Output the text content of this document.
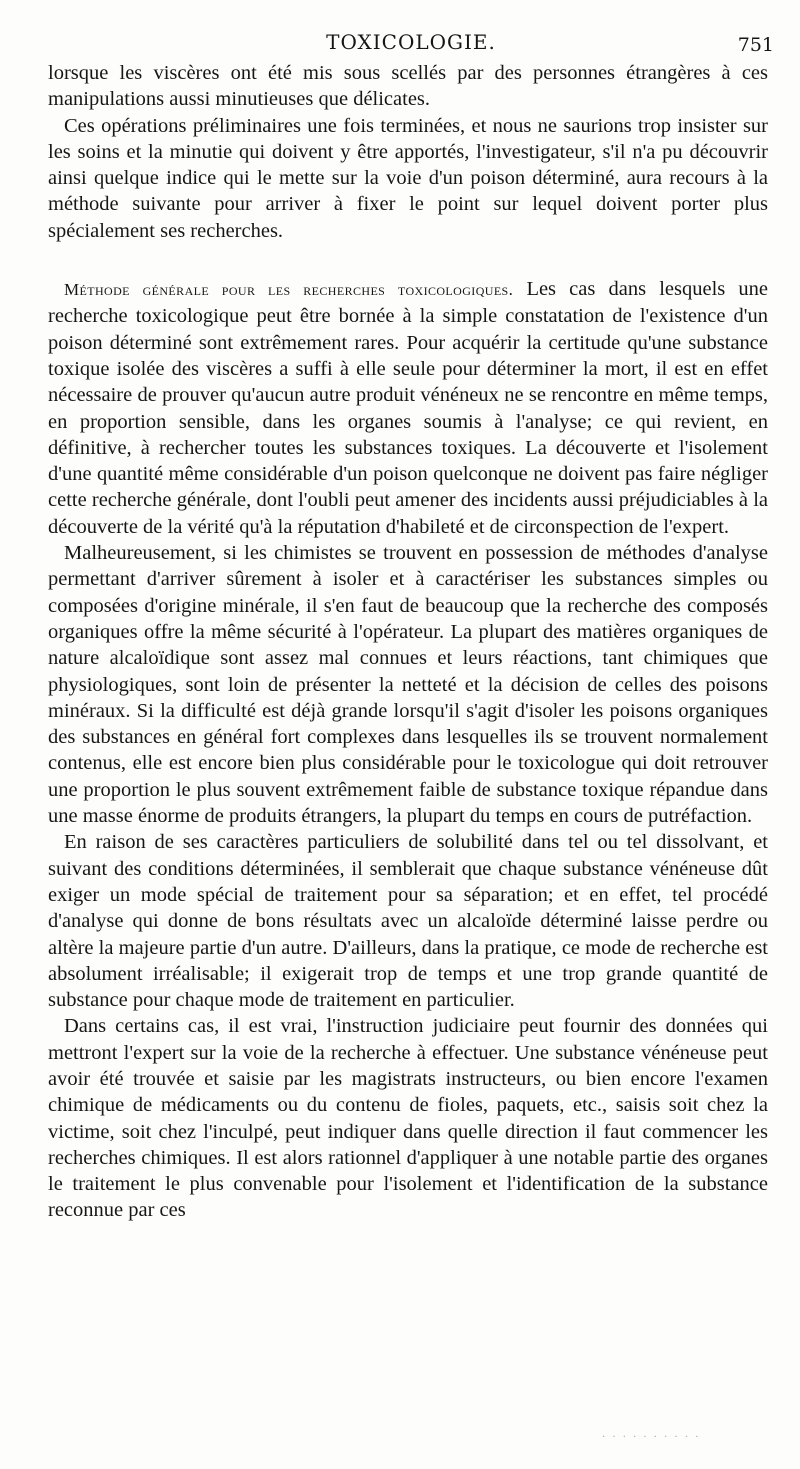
TOXICOLOGIE.	751

lorsque les viscères ont été mis sous scellés par des personnes étrangères à ces manipulations aussi minutieuses que délicates.

Ces opérations préliminaires une fois terminées, et nous ne saurions trop insister sur les soins et la minutie qui doivent y être apportés, l'investigateur, s'il n'a pu découvrir ainsi quelque indice qui le mette sur la voie d'un poison déterminé, aura recours à la méthode suivante pour arriver à fixer le point sur lequel doivent porter plus spécialement ses recherches.

Méthode générale pour les recherches toxicologiques. Les cas dans lesquels une recherche toxicologique peut être bornée à la simple constatation de l'existence d'un poison déterminé sont extrêmement rares. Pour acquérir la certitude qu'une substance toxique isolée des viscères a suffi à elle seule pour déterminer la mort, il est en effet nécessaire de prouver qu'aucun autre produit vénéneux ne se rencontre en même temps, en proportion sensible, dans les organes soumis à l'analyse; ce qui revient, en définitive, à rechercher toutes les substances toxiques. La découverte et l'isolement d'une quantité même considérable d'un poison quelconque ne doivent pas faire négliger cette recherche générale, dont l'oubli peut amener des incidents aussi préjudiciables à la découverte de la vérité qu'à la réputation d'habileté et de circonspection de l'expert.

Malheureusement, si les chimistes se trouvent en possession de méthodes d'analyse permettant d'arriver sûrement à isoler et à caractériser les substances simples ou composées d'origine minérale, il s'en faut de beaucoup que la recherche des composés organiques offre la même sécurité à l'opérateur. La plupart des matières organiques de nature alcaloïdique sont assez mal connues et leurs réactions, tant chimiques que physiologiques, sont loin de présenter la netteté et la décision de celles des poisons minéraux. Si la difficulté est déjà grande lorsqu'il s'agit d'isoler les poisons organiques des substances en général fort complexes dans lesquelles ils se trouvent normalement contenus, elle est encore bien plus considérable pour le toxicologue qui doit retrouver une proportion le plus souvent extrêmement faible de substance toxique répandue dans une masse énorme de produits étrangers, la plupart du temps en cours de putréfaction.

En raison de ses caractères particuliers de solubilité dans tel ou tel dissolvant, et suivant des conditions déterminées, il semblerait que chaque substance vénéneuse dût exiger un mode spécial de traitement pour sa séparation; et en effet, tel procédé d'analyse qui donne de bons résultats avec un alcaloïde déterminé laisse perdre ou altère la majeure partie d'un autre. D'ailleurs, dans la pratique, ce mode de recherche est absolument irréalisable; il exigerait trop de temps et une trop grande quantité de substance pour chaque mode de traitement en particulier.

Dans certains cas, il est vrai, l'instruction judiciaire peut fournir des données qui mettront l'expert sur la voie de la recherche à effectuer. Une substance vénéneuse peut avoir été trouvée et saisie par les magistrats instructeurs, ou bien encore l'examen chimique de médicaments ou du contenu de fioles, paquets, etc., saisis soit chez la victime, soit chez l'inculpé, peut indiquer dans quelle direction il faut commencer les recherches chimiques. Il est alors rationnel d'appliquer à une notable partie des organes le traitement le plus convenable pour l'isolement et l'identification de la substance reconnue par ces

· · · · · · · · · ·
